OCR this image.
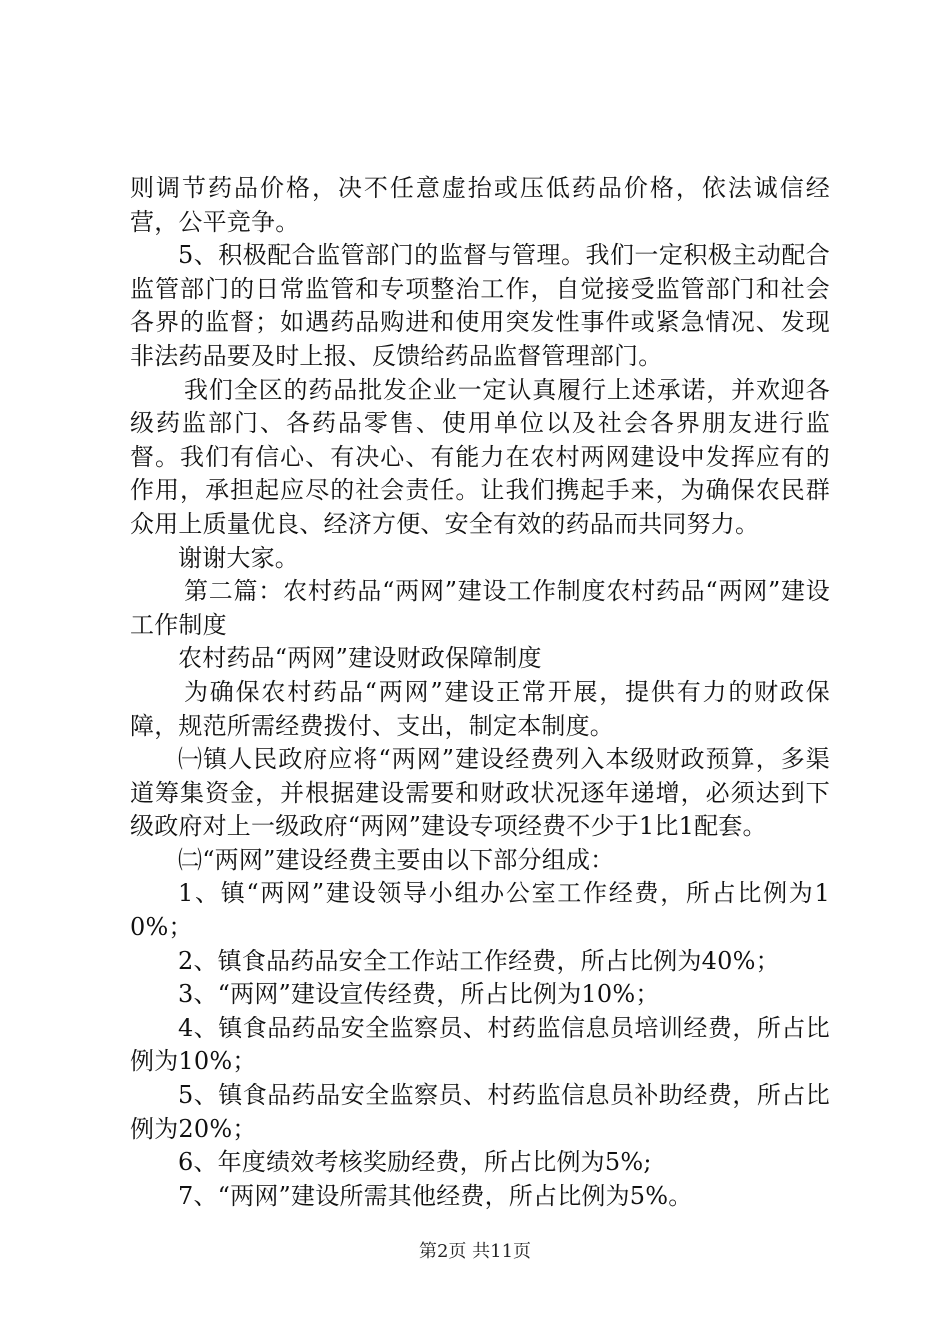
则调节药品价格，决不任意虚抬或压低药品价格，依法诚信经营，公平竞争。

5、积极配合监管部门的监督与管理。我们一定积极主动配合监管部门的日常监管和专项整治工作，自觉接受监管部门和社会各界的监督；如遇药品购进和使用突发性事件或紧急情况、发现非法药品要及时上报、反馈给药品监督管理部门。

我们全区的药品批发企业一定认真履行上述承诺，并欢迎各级药监部门、各药品零售、使用单位以及社会各界朋友进行监督。我们有信心、有决心、有能力在农村两网建设中发挥应有的作用，承担起应尽的社会责任。让我们携起手来，为确保农民群众用上质量优良、经济方便、安全有效的药品而共同努力。

谢谢大家。

第二篇：农村药品“两网”建设工作制度农村药品“两网”建设工作制度

农村药品“两网”建设财政保障制度

为确保农村药品“两网”建设正常开展，提供有力的财政保障，规范所需经费拨付、支出，制定本制度。

㈠镇人民政府应将“两网”建设经费列入本级财政预算，多渠道筹集资金，并根据建设需要和财政状况逐年递增，必须达到下级政府对上一级政府“两网”建设专项经费不少于1比1配套。

㈡“两网”建设经费主要由以下部分组成：

1、镇“两网”建设领导小组办公室工作经费，所占比例为10%；

2、镇食品药品安全工作站工作经费，所占比例为40%；

3、“两网”建设宣传经费，所占比例为10%；

4、镇食品药品安全监察员、村药监信息员培训经费，所占比例为10%；

5、镇食品药品安全监察员、村药监信息员补助经费，所占比例为20%；

6、年度绩效考核奖励经费，所占比例为5%;

7、“两网”建设所需其他经费，所占比例为5%。

第2页 共11页
